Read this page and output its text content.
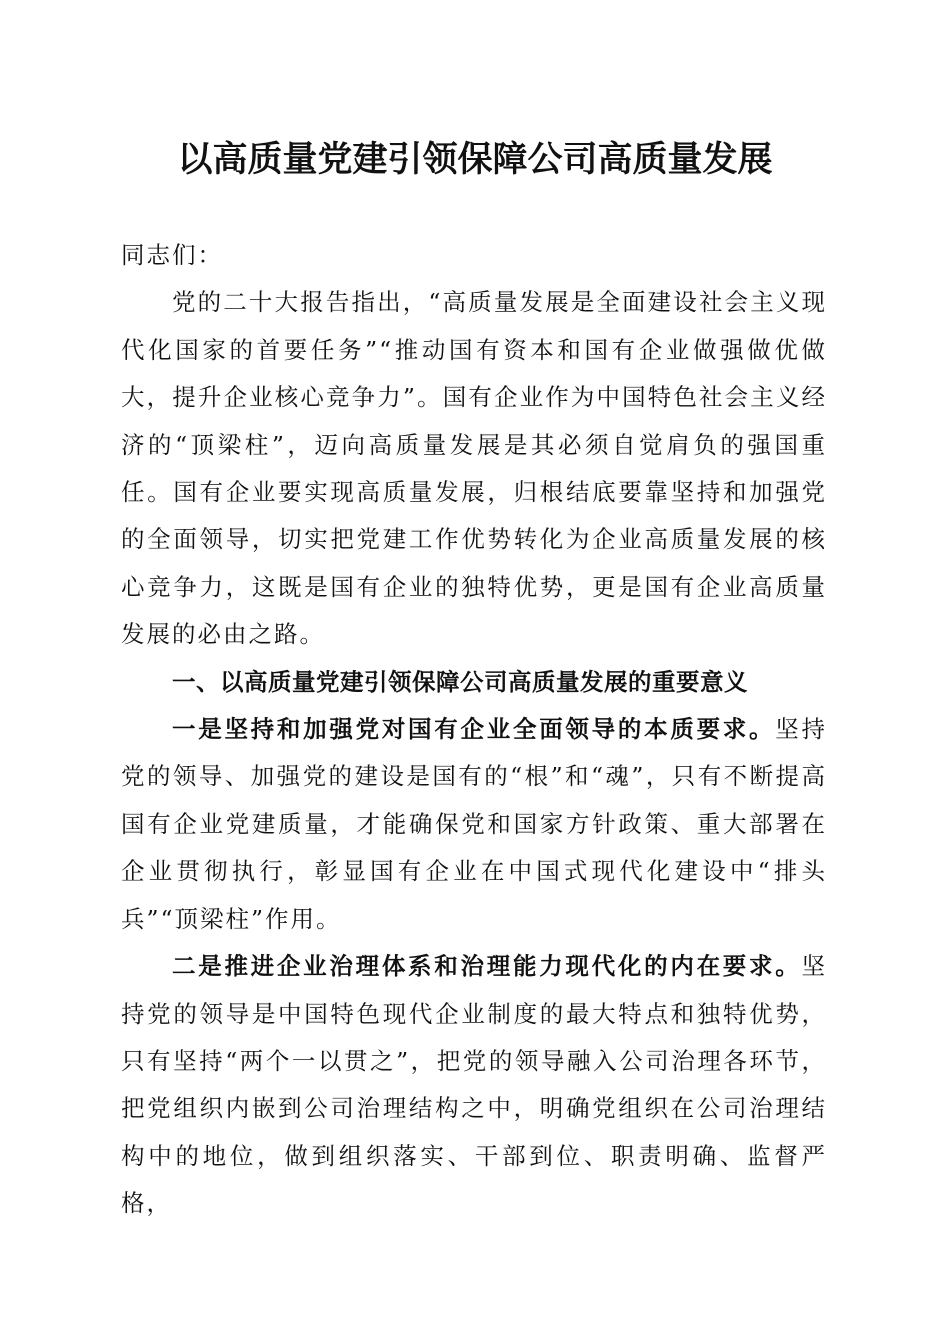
以高质量党建引领保障公司高质量发展

同志们：

党的二十大报告指出，“高质量发展是全面建设社会主义现代化国家的首要任务”“推动国有资本和国有企业做强做优做大，提升企业核心竞争力”。国有企业作为中国特色社会主义经济的“顶梁柱”，迈向高质量发展是其必须自觉肩负的强国重任。国有企业要实现高质量发展，归根结底要靠坚持和加强党的全面领导，切实把党建工作优势转化为企业高质量发展的核心竞争力，这既是国有企业的独特优势，更是国有企业高质量发展的必由之路。

一、以高质量党建引领保障公司高质量发展的重要意义

一是坚持和加强党对国有企业全面领导的本质要求。坚持党的领导、加强党的建设是国有的“根”和“魂”，只有不断提高国有企业党建质量，才能确保党和国家方针政策、重大部署在企业贯彻执行，彰显国有企业在中国式现代化建设中“排头兵”“顶梁柱”作用。

二是推进企业治理体系和治理能力现代化的内在要求。坚持党的领导是中国特色现代企业制度的最大特点和独特优势，只有坚持“两个一以贯之”，把党的领导融入公司治理各环节，把党组织内嵌到公司治理结构之中，明确党组织在公司治理结构中的地位，做到组织落实、干部到位、职责明确、监督严格，
